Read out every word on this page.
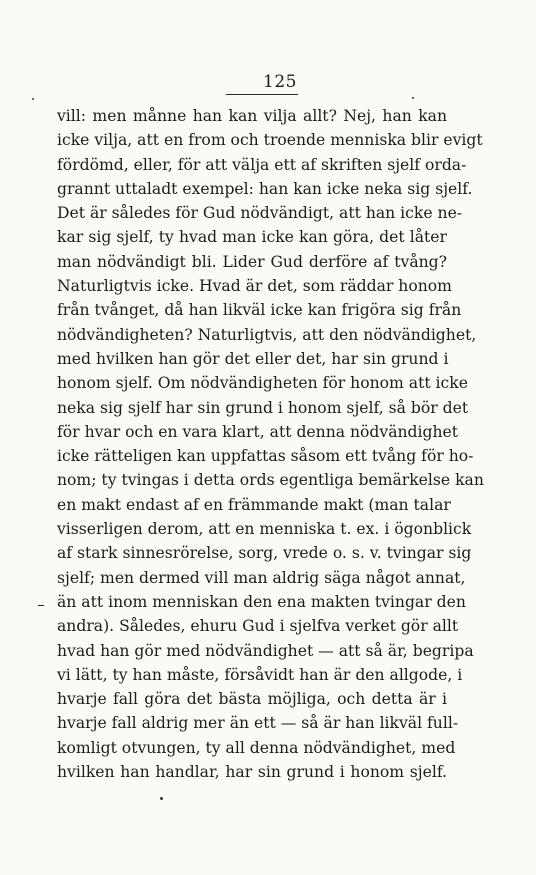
125
vill: men månne han kan vilja allt? Nej, han kan
icke vilja, att en from och troende menniska blir evigt
fördömd, eller, för att välja ett af skriften sjelf orda-
grannt uttaladt exempel: han kan icke neka sig sjelf.
Det är således för Gud nödvändigt, att han icke ne-
kar sig sjelf, ty hvad man icke kan göra, det låter
man nödvändigt bli. Lider Gud derföre af tvång?
Naturligtvis icke. Hvad är det, som räddar honom
från tvånget, då han likväl icke kan frigöra sig från
nödvändigheten? Naturligtvis, att den nödvändighet,
med hvilken han gör det eller det, har sin grund i
honom sjelf. Om nödvändigheten för honom att icke
neka sig sjelf har sin grund i honom sjelf, så bör det
för hvar och en vara klart, att denna nödvändighet
icke rätteligen kan uppfattas såsom ett tvång för ho-
nom; ty tvingas i detta ords egentliga bemärkelse kan
en makt endast af en främmande makt (man talar
visserligen derom, att en menniska t. ex. i ögonblick
af stark sinnesrörelse, sorg, vrede o. s. v. tvingar sig
sjelf; men dermed vill man aldrig säga något annat,
än att inom menniskan den ena makten tvingar den
andra). Således, ehuru Gud i sjelfva verket gör allt
hvad han gör med nödvändighet — att så är, begripa
vi lätt, ty han måste, försåvidt han är den allgode, i
hvarje fall göra det bästa möjliga, och detta är i
hvarje fall aldrig mer än ett — så är han likväl full-
komligt otvungen, ty all denna nödvändighet, med
hvilken han handlar, har sin grund i honom sjelf.
